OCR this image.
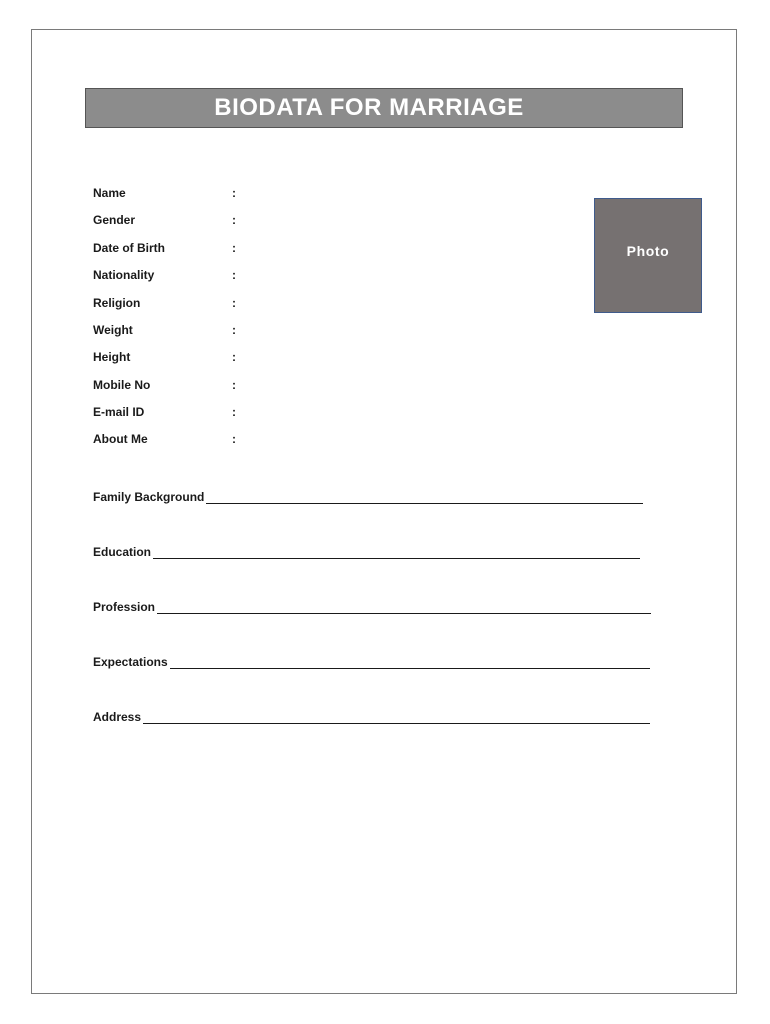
BIODATA FOR MARRIAGE
Name	:
Gender	:
Date of Birth	:
Nationality	:
Religion	:
Weight	:
Height	:
Mobile No	:
E-mail ID	:
About Me	:
Photo
Family Background
Education
Profession
Expectations
Address
